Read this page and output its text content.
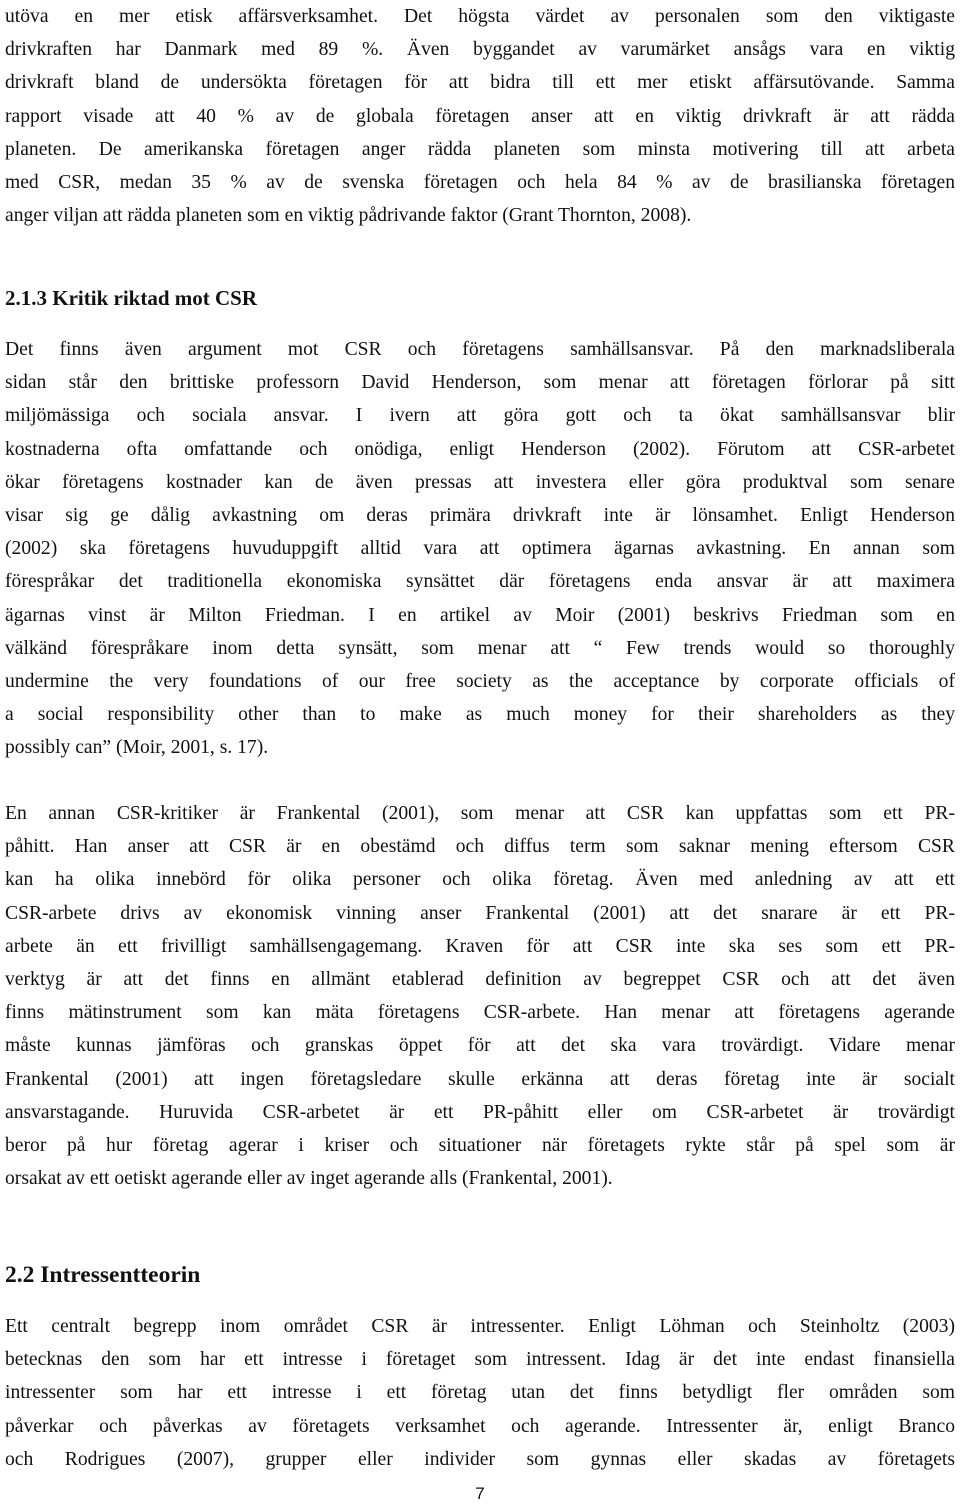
utöva en mer etisk affärsverksamhet. Det högsta värdet av personalen som den viktigaste
drivkraften har Danmark med 89 %. Även byggandet av varumärket ansågs vara en viktig
drivkraft bland de undersökta företagen för att bidra till ett mer etiskt affärsutövande. Samma
rapport visade att 40 % av de globala företagen anser att en viktig drivkraft är att rädda
planeten. De amerikanska företagen anger rädda planeten som minsta motivering till att arbeta
med CSR, medan 35 % av de svenska företagen och hela 84 % av de brasilianska företagen
anger viljan att rädda planeten som en viktig pådrivande faktor (Grant Thornton, 2008).
2.1.3 Kritik riktad mot CSR
Det finns även argument mot CSR och företagens samhällsansvar. På den marknadsliberala
sidan står den brittiske professorn David Henderson, som menar att företagen förlorar på sitt
miljömässiga och sociala ansvar. I ivern att göra gott och ta ökat samhällsansvar blir
kostnaderna ofta omfattande och onödiga, enligt Henderson (2002). Förutom att CSR-arbetet
ökar företagens kostnader kan de även pressas att investera eller göra produktval som senare
visar sig ge dålig avkastning om deras primära drivkraft inte är lönsamhet. Enligt Henderson
(2002) ska företagens huvuduppgift alltid vara att optimera ägarnas avkastning. En annan som
förespråkar det traditionella ekonomiska synsättet där företagens enda ansvar är att maximera
ägarnas vinst är Milton Friedman. I en artikel av Moir (2001) beskrivs Friedman som en
välkänd förespråkare inom detta synsätt, som menar att “ Few trends would so thoroughly
undermine the very foundations of our free society as the acceptance by corporate officials of
a social responsibility other than to make as much money for their shareholders as they
possibly can” (Moir, 2001, s. 17).
En annan CSR-kritiker är Frankental (2001), som menar att CSR kan uppfattas som ett PR-
påhitt. Han anser att CSR är en obestämd och diffus term som saknar mening eftersom CSR
kan ha olika innebörd för olika personer och olika företag. Även med anledning av att ett
CSR-arbete drivs av ekonomisk vinning anser Frankental (2001) att det snarare är ett PR-
arbete än ett frivilligt samhällsengagemang. Kraven för att CSR inte ska ses som ett PR-
verktyg är att det finns en allmänt etablerad definition av begreppet CSR och att det även
finns mätinstrument som kan mäta företagens CSR-arbete. Han menar att företagens agerande
måste kunnas jämföras och granskas öppet för att det ska vara trovärdigt. Vidare menar
Frankental (2001) att ingen företagsledare skulle erkänna att deras företag inte är socialt
ansvarstagande. Huruvida CSR-arbetet är ett PR-påhitt eller om CSR-arbetet är trovärdigt
beror på hur företag agerar i kriser och situationer när företagets rykte står på spel som är
orsakat av ett oetiskt agerande eller av inget agerande alls (Frankental, 2001).
2.2 Intressentteorin
Ett centralt begrepp inom området CSR är intressenter. Enligt Löhman och Steinholtz (2003)
betecknas den som har ett intresse i företaget som intressent. Idag är det inte endast finansiella
intressenter som har ett intresse i ett företag utan det finns betydligt fler områden som
påverkar och påverkas av företagets verksamhet och agerande. Intressenter är, enligt Branco
och Rodrigues (2007), grupper eller individer som gynnas eller skadas av företagets
7
